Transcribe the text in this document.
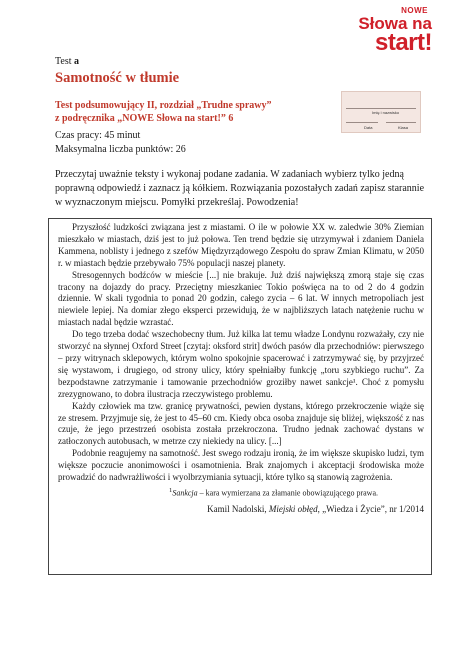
NOWE
Słowa na
start!
Test a
Samotność w tłumie
Test podsumowujący II, rozdział „Trudne sprawy”
z podręcznika „NOWE Słowa na start!” 6
Czas pracy: 45 minut
Maksymalna liczba punktów: 26
Imię i nazwisko
Data	Klasa
Przeczytaj uważnie teksty i wykonaj podane zadania. W zadaniach wybierz tylko jedną poprawną odpowiedź i zaznacz ją kółkiem. Rozwiązania pozostałych zadań zapisz starannie w wyznaczonym miejscu. Pomyłki przekreślaj. Powodzenia!

Przyszłość ludzkości związana jest z miastami. O ile w połowie XX w. zaledwie 30% Ziemian mieszkało w miastach, dziś jest to już połowa. Ten trend będzie się utrzymywał i zdaniem Daniela Kammena, noblisty i jednego z szefów Międzyrządowego Zespołu do spraw Zmian Klimatu, w 2050 r. w miastach będzie przebywało 75% populacji naszej planety.

Stresogennych bodźców w mieście [...] nie brakuje. Już dziś największą zmorą staje się czas tracony na dojazdy do pracy. Przeciętny mieszkaniec Tokio poświęca na to od 2 do 4 godzin dziennie. W skali tygodnia to ponad 20 godzin, całego zycia – 6 lat. W innych metropoliach jest niewiele lepiej. Na domiar złego eksperci przewidują, że w najbliższych latach natężenie ruchu w miastach nadal będzie wzrastać.

Do tego trzeba dodać wszechobecny tłum. Już kilka lat temu władze Londynu rozważały, czy nie stworzyć na słynnej Oxford Street [czytaj: oksford strit] dwóch pasów dla przechodniów: pierwszego – przy witrynach sklepowych, którym wolno spokojnie spacerować i zatrzymywać się, by przyjrzeć się wystawom, i drugiego, od strony ulicy, który spełniałby funkcję „toru szybkiego ruchu”. Za bezpodstawne zatrzymanie i tamowanie przechodniów groziłby nawet sankcje¹. Choć z pomysłu zrezygnowano, to dobra ilustracja rzeczywistego problemu.

Każdy człowiek ma tzw. granicę prywatności, pewien dystans, którego przekroczenie wiąże się ze stresem. Przyjmuje się, że jest to 45–60 cm. Kiedy obca osoba znajduje się bliżej, większość z nas czuje, że jego przestrzeń osobista została przekroczona. Trudno jednak zachować dystans w zatłoczonych autobusach, w metrze czy niekiedy na ulicy. [...]

Podobnie reagujemy na samotność. Jest swego rodzaju ironią, że im większe skupisko ludzi, tym większe poczucie anonimowości i osamotnienia. Brak znajomych i akceptacji środowiska może prowadzić do nadwrażliwości i wyolbrzymiania sytuacji, które tylko są stanowią zagrożenia.

$^1$Sankcja – kara wymierzana za złamanie obowiązującego prawa.
Kamil Nadolski, Miejski obłęd, „Wiedza i Życie”, nr 1/2014
